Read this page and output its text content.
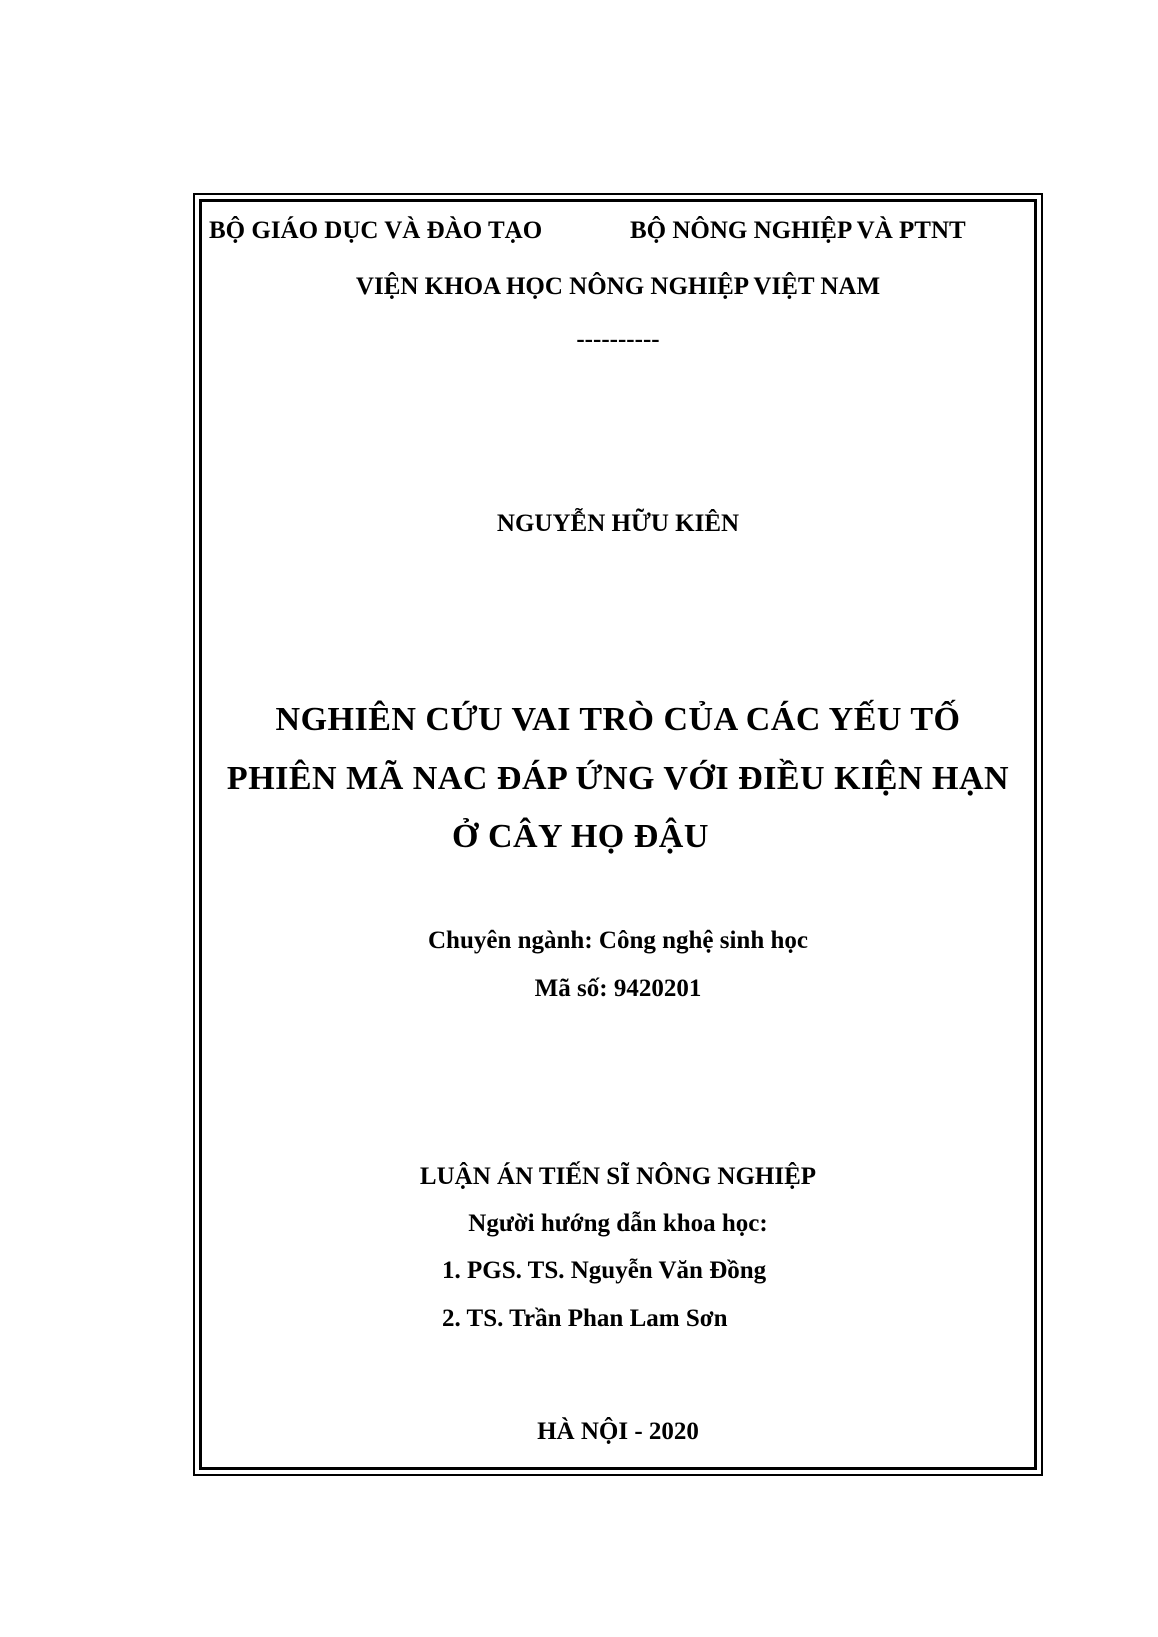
BỘ GIÁO DỤC VÀ ĐÀO TẠO	BỘ NÔNG NGHIỆP VÀ PTNT
VIỆN KHOA HỌC NÔNG NGHIỆP VIỆT NAM
----------
NGUYỄN HỮU KIÊN
NGHIÊN CỨU VAI TRÒ CỦA CÁC YẾU TỐ
PHIÊN MÃ NAC ĐÁP ỨNG VỚI ĐIỀU KIỆN HẠN
Ở CÂY HỌ ĐẬU
Chuyên ngành: Công nghệ sinh học
Mã số: 9420201
LUẬN ÁN TIẾN SĨ NÔNG NGHIỆP
Người hướng dẫn khoa học:
1. PGS. TS. Nguyễn Văn Đồng
2. TS. Trần Phan Lam Sơn
HÀ NỘI - 2020
